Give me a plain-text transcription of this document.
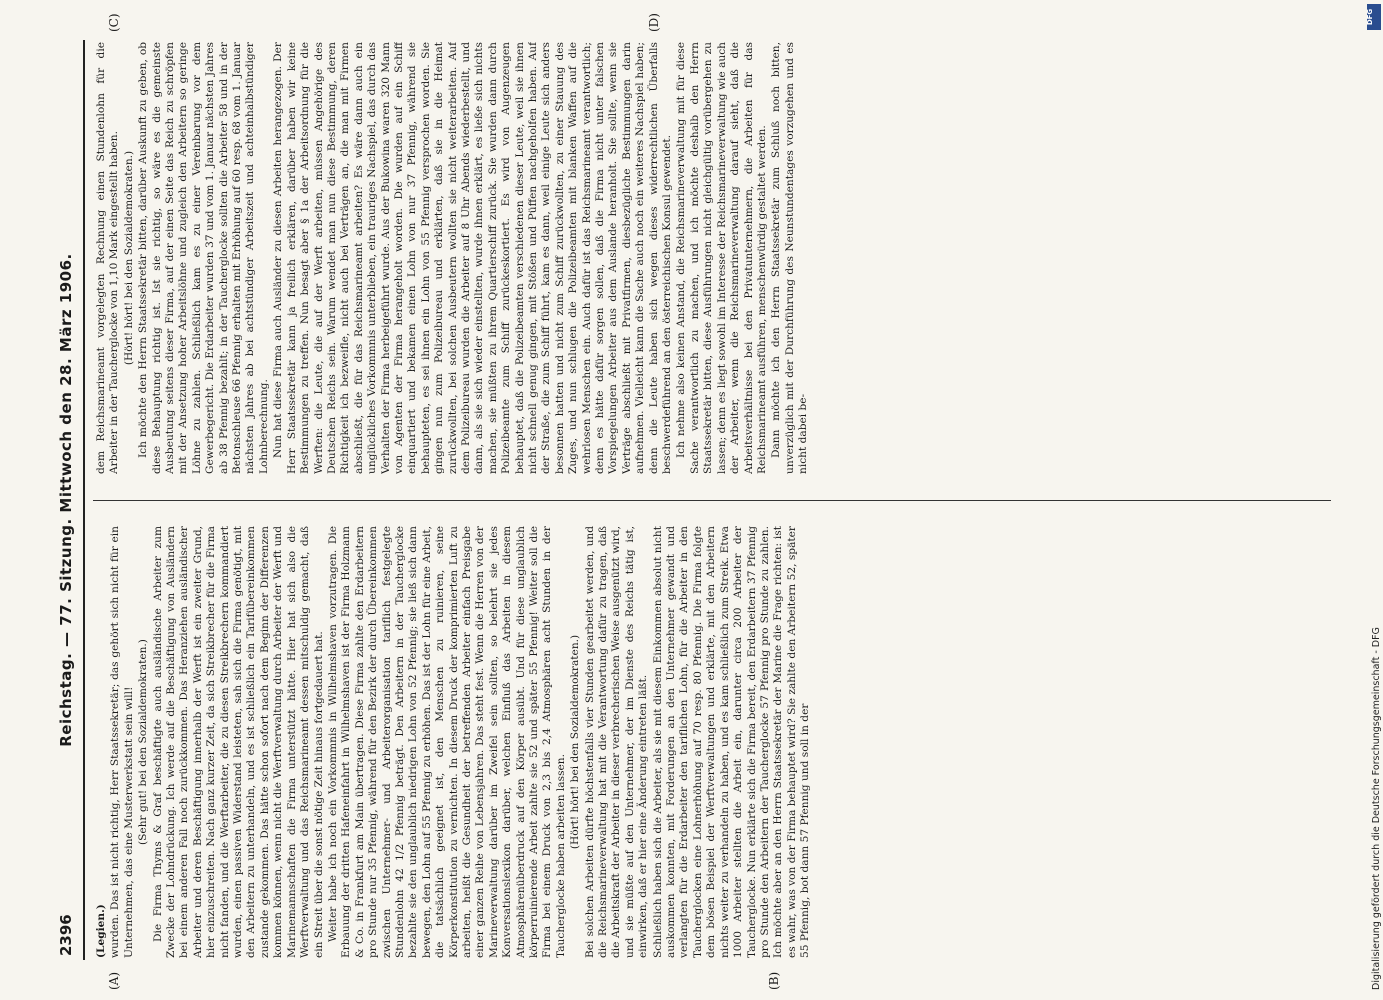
2396
Reichstag. — 77. Sitzung. Mittwoch den 28. März 1906.

(Legien.) wurden. Das ist nicht richtig, Herr Staatssekretär; das gehört sich nicht für ein Unternehmen, das eine Musterwerkstatt sein will! (Sehr gut! bei den Sozialdemokraten.) Die Firma Thyms & Graf beschäftigte auch ausländische Arbeiter zum Zwecke der Lohndrückung. Ich werde auf die Beschäftigung von Ausländern bei einem anderen Fall noch zurückkommen. Das Heranziehen ausländischer Arbeiter und deren Beschäftigung innerhalb der Werft ist ein zweiter Grund, hier einzuschreiten. Nach ganz kurzer Zeit, da sich Streikbrecher für die Firma nicht fanden, und die Werftarbeiter, die zu diesen Streikbrechern kommandiert wurden, einen passiven Widerstand leisteten, sah sich die Firma genötigt, mit den Arbeitern zu unterhandeln, und es ist schließlich ein Tarifübereinkommen zustande gekommen. Das hätte schon sofort nach dem Beginn der Differenzen kommen können, wenn nicht die Werftverwaltung durch Arbeiter der Werft und Marinemannschaften die Firma unterstützt hätte. Hier hat sich also die Werftverwaltung und das Reichsmarineamt dessen mitschuldig gemacht, daß ein Streit über die sonst nötige Zeit hinaus fortgedauert hat. Weiter habe ich noch ein Vorkommnis in Wilhelmshaven vorzutragen. Die Erbauung der dritten Hafeneinfahrt in Wilhelmshaven ist der Firma Holzmann & Co. in Frankfurt am Main übertragen. Diese Firma zahlte den Erdarbeitern pro Stunde nur 35 Pfennig, während für den Bezirk der durch Übereinkommen zwischen Unternehmer- und Arbeiterorganisation tariflich festgelegte Stundenlohn 42 1/2 Pfennig beträgt. Den Arbeitern in der Taucherglocke bezahlte sie den unglaublich niedrigen Lohn von 52 Pfennig; sie ließ sich dann bewegen, den Lohn auf 55 Pfennig zu erhöhen. Das ist der Lohn für eine Arbeit, die tatsächlich geeignet ist, den Menschen zu ruinieren, seine Körperkonstitution zu vernichten. In diesem Druck der komprimierten Luft zu arbeiten, heißt die Gesundheit der betreffenden Arbeiter einfach Preisgabe einer ganzen Reihe von Lebensjahren. Das steht fest. Wenn die Herren von der Marineverwaltung darüber im Zweifel sein sollten, so belehrt sie jedes Konversationslexikon darüber, welchen Einfluß das Arbeiten in diesem Atmosphärenüberdruck auf den Körper ausübt. Und für diese unglaublich körperruinierende Arbeit zahlte sie 52 und später 55 Pfennig! Weiter soll die Firma bei einem Druck von 2,3 bis 2,4 Atmosphären acht Stunden in der Taucherglocke haben arbeiten lassen.

(Hört! hört! bei den Sozialdemokraten.) Bei solchen Arbeiten dürfte höchstenfalls vier Stunden gearbeitet werden, und die Reichsmarineverwaltung hat mit die Verantwortung dafür zu tragen, daß die Arbeitskraft der Arbeiter in dieser verbrecherischen Weise ausgenützt wird, und sie müßte auf den Unternehmer, der im Dienste des Reichs tätig ist, einwirken, daß er hier eine Änderung eintreten läßt. Schließlich haben sich die Arbeiter, als sie mit diesem Einkommen absolut nicht auskommen konnten, mit Forderungen an den Unternehmer gewandt und verlangten für die Erdarbeiter den tariflichen Lohn, für die Arbeiter in den Taucherglocken eine Lohnerhöhung auf 70 resp. 80 Pfennig. Die Firma folgte dem bösen Beispiel der Werftverwaltungen und erklärte, mit den Arbeitern nichts weiter zu verhandeln zu haben, und es kam schließlich zum Streik. Etwa 1000 Arbeiter stellten die Arbeit ein, darunter circa 200 Arbeiter der Taucherglocke. Nun erklärte sich die Firma bereit, den Erdarbeitern 37 Pfennig pro Stunde den Arbeitern der Taucherglocke 57 Pfennig pro Stunde zu zahlen. Ich möchte aber an den Herrn Staatssekretär der Marine die Frage richten: ist es wahr, was von der Firma behauptet wird? Sie zahlte den Arbeitern 52, später 55 Pfennig, bot dann 57 Pfennig und soll in der

dem Reichsmarineamt vorgelegten Rechnung einen Stundenlohn für die Arbeiter in der Taucherglocke von 1,10 Mark eingestellt haben. (Hört! hört! bei den Sozialdemokraten.) Ich möchte den Herrn Staatssekretär bitten, darüber Auskunft zu geben, ob diese Behauptung richtig ist. Ist sie richtig, so wäre es die gemeinste Ausbeutung seitens dieser Firma, auf der einen Seite das Reich zu schröpfen mit der Ansetzung hoher Arbeitslöhne und zugleich den Arbeitern so geringe Löhne zu zahlen. Schließlich kam es zu einer Vereinbarung vor dem Gewerbegericht. Die Erdarbeiter wurden 37 und vom 1. Januar nächsten Jahres ab 38 Pfennig bezahlt; in der Taucherglocke sollten die Arbeiter 58 und in der Betonschleuse 66 Pfennig erhalten mit Erhöhung auf 60 resp. 68 vom 1. Januar nächsten Jahres ab bei achtstündiger Arbeitszeit und achteinhalbstündiger Lohnberechnung. Nun hat diese Firma auch Ausländer zu diesen Arbeiten herangezogen. Der Herr Staatssekretär kann ja freilich erklären, darüber haben wir keine Bestimmungen zu treffen. Nun besagt aber § 1a der Arbeitsordnung für die Werften: die Leute, die auf der Werft arbeiten, müssen Angehörige des Deutschen Reichs sein. Warum wendet man nun diese Bestimmung, deren Richtigkeit ich bezweifle, nicht auch bei Verträgen an, die man mit Firmen abschließt, die für das Reichsmarineamt arbeiten? Es wäre dann auch ein unglückliches Vorkommnis unterblieben, ein trauriges Nachspiel, das durch das Verhalten der Firma herbeigeführt wurde. Aus der Bukowina waren 320 Mann von Agenten der Firma herangeholt worden. Die wurden auf ein Schiff einquartiert und bekamen einen Lohn von nur 37 Pfennig, während sie behaupteten, es sei ihnen ein Lohn von 55 Pfennig versprochen worden. Sie gingen nun zum Polizeibureau und erklärten, daß sie in die Heimat zurückwollten, bei solchen Ausbeutern wollten sie nicht weiterarbeiten. Auf dem Polizeibureau wurden die Arbeiter auf 8 Uhr Abends wiederbestellt, und dann, als sie sich wieder einstellten, wurde ihnen erklärt, es ließe sich nichts machen, sie müßten zu ihrem Quartierschiff zurück. Sie wurden dann durch Polizeibeamte zum Schiff zurückeskortiert. Es wird von Augenzeugen behauptet, daß die Polizeibeamten verschiedenen dieser Leute, weil sie ihnen nicht schnell genug gingen, mit Stößen und Püffen nachgeholfen haben. Auf der Straße, die zum Schiff führt, kam es dann, weil einige Leute sich anders besonnen hatten und nicht zum Schiff zurückwollten, zu einer Stauung des Zuges, und nun schlugen die Polizeibeamten mit blanken Waffen auf die wehrlosen Menschen ein. Auch dafür ist das Reichsmarineamt verantwortlich; denn es hätte dafür sorgen sollen, daß die Firma nicht unter falschen Vorspiegelungen Arbeiter aus dem Auslande heranholt. Sie sollte, wenn sie Verträge abschließt mit Privatfirmen, diesbezügliche Bestimmungen darin aufnehmen. Vielleicht kann die Sache auch noch ein weiteres Nachspiel haben; denn die Leute haben sich wegen dieses widerrechtlichen Überfalls beschwerdeführend an den österreichischen Konsul gewendet. Ich nehme also keinen Anstand, die Reichsmarineverwaltung mit für diese Sache verantwortlich zu machen, und ich möchte deshalb den Herrn Staatssekretär bitten, diese Ausführungen nicht gleichgültig vorübergehen zu lassen; denn es liegt sowohl im Interesse der Reichsmarineverwaltung wie auch der Arbeiter, wenn die Reichsmarineverwaltung darauf sieht, daß die Arbeitsverhältnisse bei den Privatunternehmern, die Arbeiten für das Reichsmarineamt ausführen, menschenwürdig gestaltet werden. Dann möchte ich den Herrn Staatssekretär zum Schluß noch bitten, unverzüglich mit der Durchführung des Neunstundentages vorzugehen und es nicht dabei be-

(A)	(B)
(C)	(D)	DFG
Digitalisierung gefördert durch die Deutsche Forschungsgemeinschaft - DFG
